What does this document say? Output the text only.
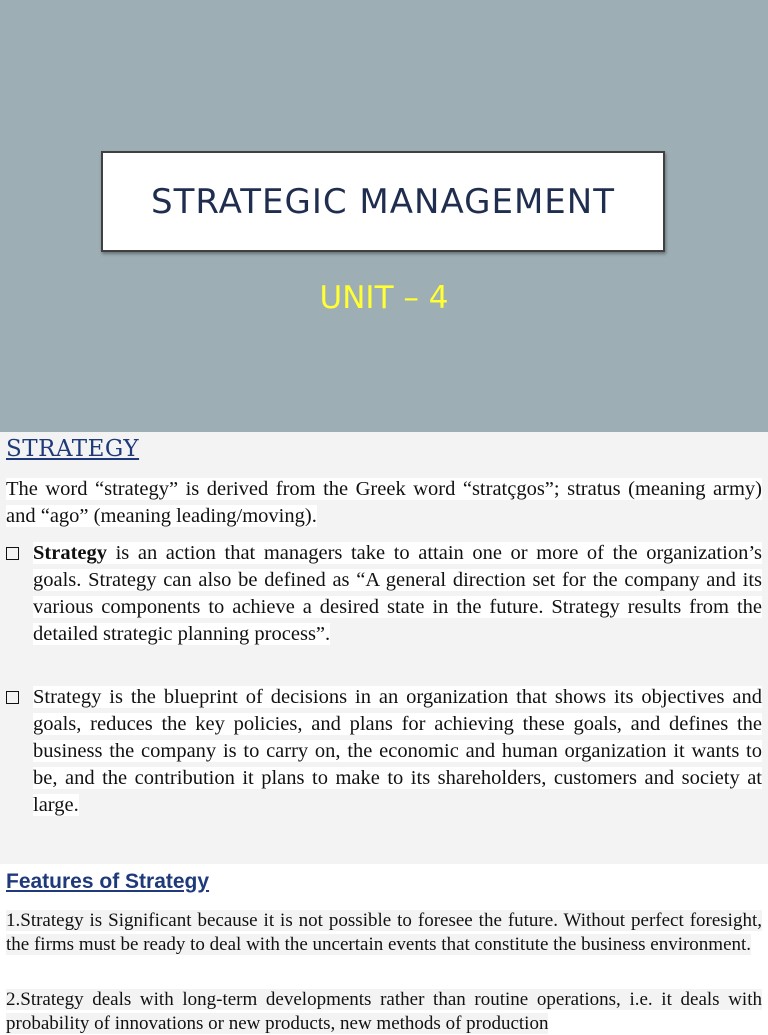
STRATEGIC MANAGEMENT
UNIT – 4
STRATEGY

The word “strategy” is derived from the Greek word “stratçgos”; stratus (meaning army) and “ago” (meaning leading/moving).

Strategy is an action that managers take to attain one or more of the organization’s goals. Strategy can also be defined as “A general direction set for the company and its various components to achieve a desired state in the future. Strategy results from the detailed strategic planning process”.

Strategy is the blueprint of decisions in an organization that shows its objectives and goals, reduces the key policies, and plans for achieving these goals, and defines the business the company is to carry on, the economic and human organization it wants to be, and the contribution it plans to make to its shareholders, customers and society at large.

Features of Strategy

1.Strategy is Significant because it is not possible to foresee the future. Without perfect foresight, the firms must be ready to deal with the uncertain events that constitute the business environment.

2.Strategy deals with long-term developments rather than routine operations, i.e. it deals with probability of innovations or new products, new methods of production
